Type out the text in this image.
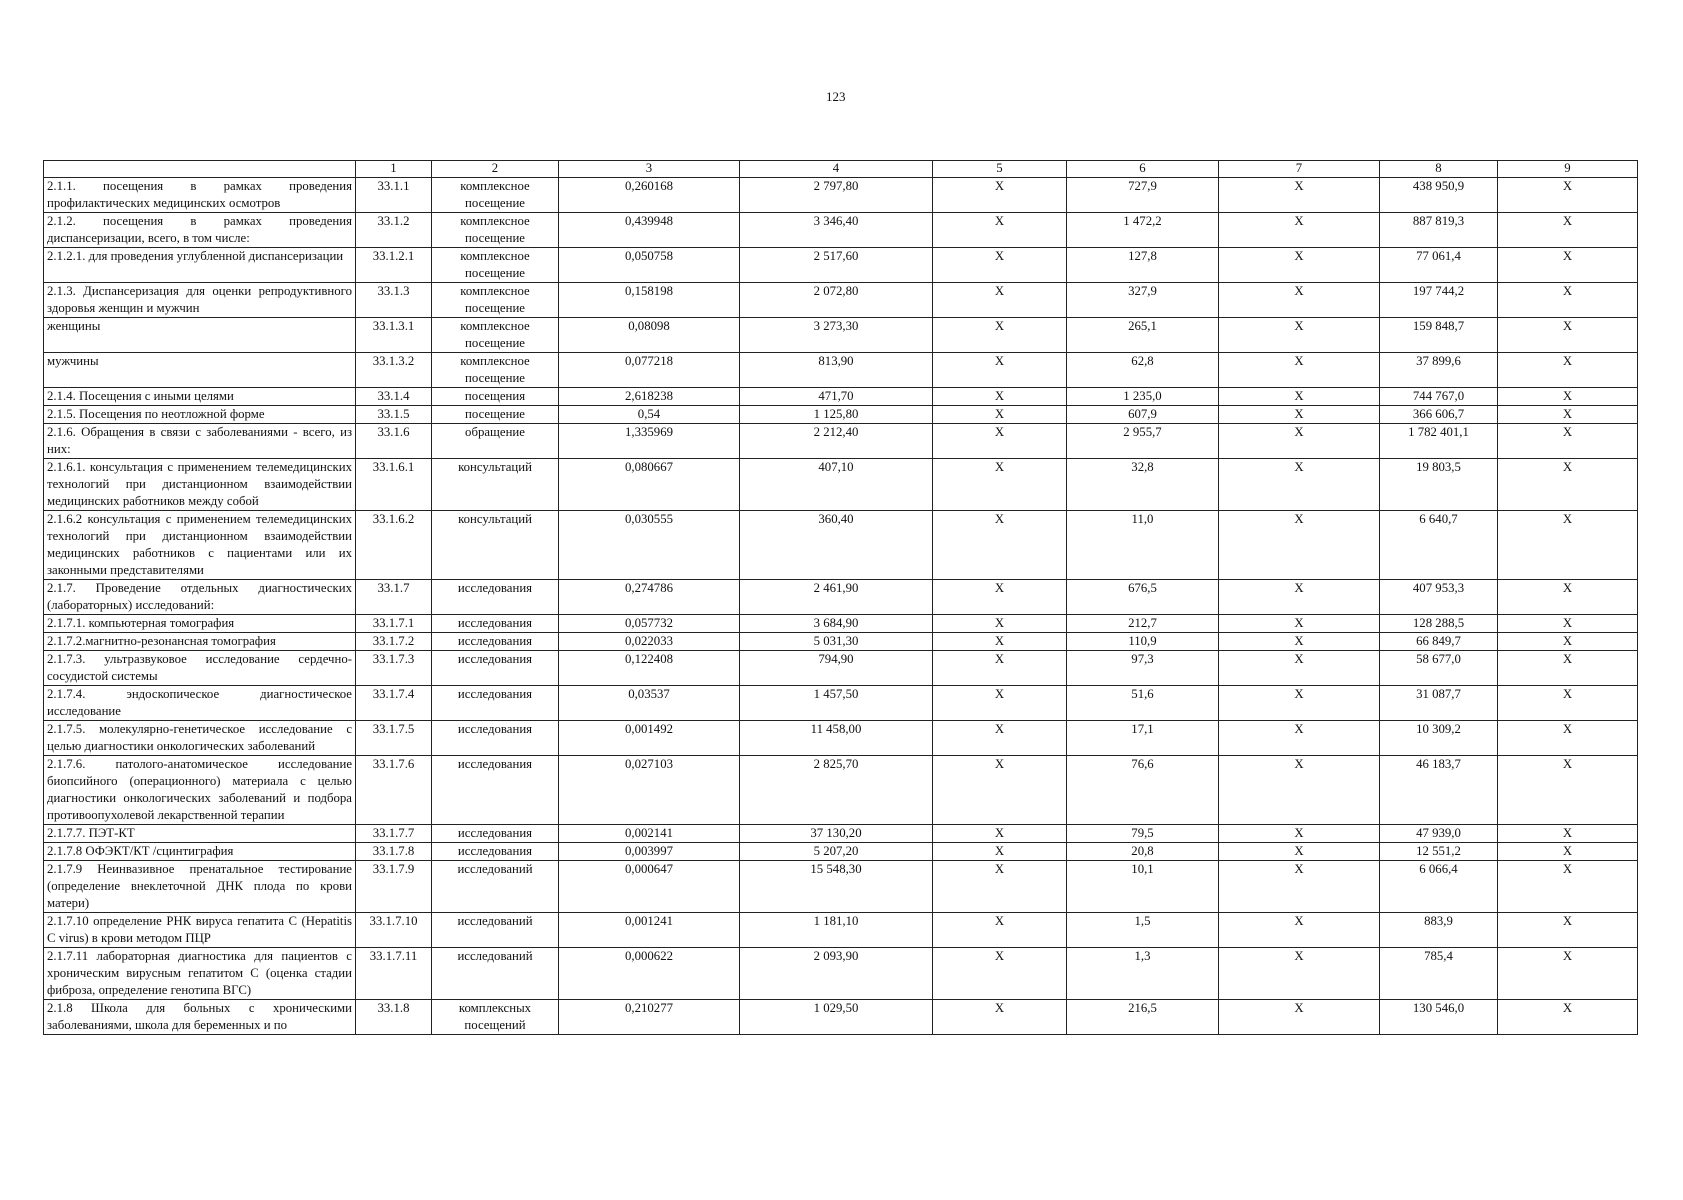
123
	1	2	3	4	5	6	7	8	9
2.1.1. посещения в рамках проведения профилактических медицинских осмотров	33.1.1	комплексное посещение	0,260168	2 797,80	X	727,9	X	438 950,9	X
2.1.2. посещения в рамках проведения диспансеризации, всего, в том числе:	33.1.2	комплексное посещение	0,439948	3 346,40	X	1 472,2	X	887 819,3	X
2.1.2.1. для проведения углубленной диспансеризации	33.1.2.1	комплексное посещение	0,050758	2 517,60	X	127,8	X	77 061,4	X
2.1.3. Диспансеризация для оценки репродуктивного здоровья женщин и мужчин	33.1.3	комплексное посещение	0,158198	2 072,80	X	327,9	X	197 744,2	X
женщины	33.1.3.1	комплексное посещение	0,08098	3 273,30	X	265,1	X	159 848,7	X
мужчины	33.1.3.2	комплексное посещение	0,077218	813,90	X	62,8	X	37 899,6	X
2.1.4. Посещения с иными целями	33.1.4	посещения	2,618238	471,70	X	1 235,0	X	744 767,0	X
2.1.5. Посещения по неотложной форме	33.1.5	посещение	0,54	1 125,80	X	607,9	X	366 606,7	X
2.1.6. Обращения в связи с заболеваниями - всего, из них:	33.1.6	обращение	1,335969	2 212,40	X	2 955,7	X	1 782 401,1	X
2.1.6.1. консультация с применением телемедицинских технологий при дистанционном взаимодействии медицинских работников между собой	33.1.6.1	консультаций	0,080667	407,10	X	32,8	X	19 803,5	X
2.1.6.2 консультация с применением телемедицинских технологий при дистанционном взаимодействии медицинских работников с пациентами или их законными представителями	33.1.6.2	консультаций	0,030555	360,40	X	11,0	X	6 640,7	X
2.1.7. Проведение отдельных диагностических (лабораторных) исследований:	33.1.7	исследования	0,274786	2 461,90	X	676,5	X	407 953,3	X
2.1.7.1. компьютерная томография	33.1.7.1	исследования	0,057732	3 684,90	X	212,7	X	128 288,5	X
2.1.7.2.магнитно-резонансная томография	33.1.7.2	исследования	0,022033	5 031,30	X	110,9	X	66 849,7	X
2.1.7.3. ультразвуковое исследование сердечно-сосудистой системы	33.1.7.3	исследования	0,122408	794,90	X	97,3	X	58 677,0	X
2.1.7.4. эндоскопическое диагностическое исследование	33.1.7.4	исследования	0,03537	1 457,50	X	51,6	X	31 087,7	X
2.1.7.5. молекулярно-генетическое исследование с целью диагностики онкологических заболеваний	33.1.7.5	исследования	0,001492	11 458,00	X	17,1	X	10 309,2	X
2.1.7.6. патолого-анатомическое исследование биопсийного (операционного) материала с целью диагностики онкологических заболеваний и подбора противоопухолевой лекарственной терапии	33.1.7.6	исследования	0,027103	2 825,70	X	76,6	X	46 183,7	X
2.1.7.7. ПЭТ-КТ	33.1.7.7	исследования	0,002141	37 130,20	X	79,5	X	47 939,0	X
2.1.7.8 ОФЭКТ/КТ /сцинтиграфия	33.1.7.8	исследования	0,003997	5 207,20	X	20,8	X	12 551,2	X
2.1.7.9 Неинвазивное пренатальное тестирование (определение внеклеточной ДНК плода по крови матери)	33.1.7.9	исследований	0,000647	15 548,30	X	10,1	X	6 066,4	X
2.1.7.10 определение РНК вируса гепатита С (Hepatitis C virus) в крови методом ПЦР	33.1.7.10	исследований	0,001241	1 181,10	X	1,5	X	883,9	X
2.1.7.11 лабораторная диагностика для пациентов с хроническим вирусным гепатитом С (оценка стадии фиброза, определение генотипа ВГС)	33.1.7.11	исследований	0,000622	2 093,90	X	1,3	X	785,4	X
2.1.8 Школа для больных с хроническими заболеваниями, школа для беременных и по	33.1.8	комплексных посещений	0,210277	1 029,50	X	216,5	X	130 546,0	X
